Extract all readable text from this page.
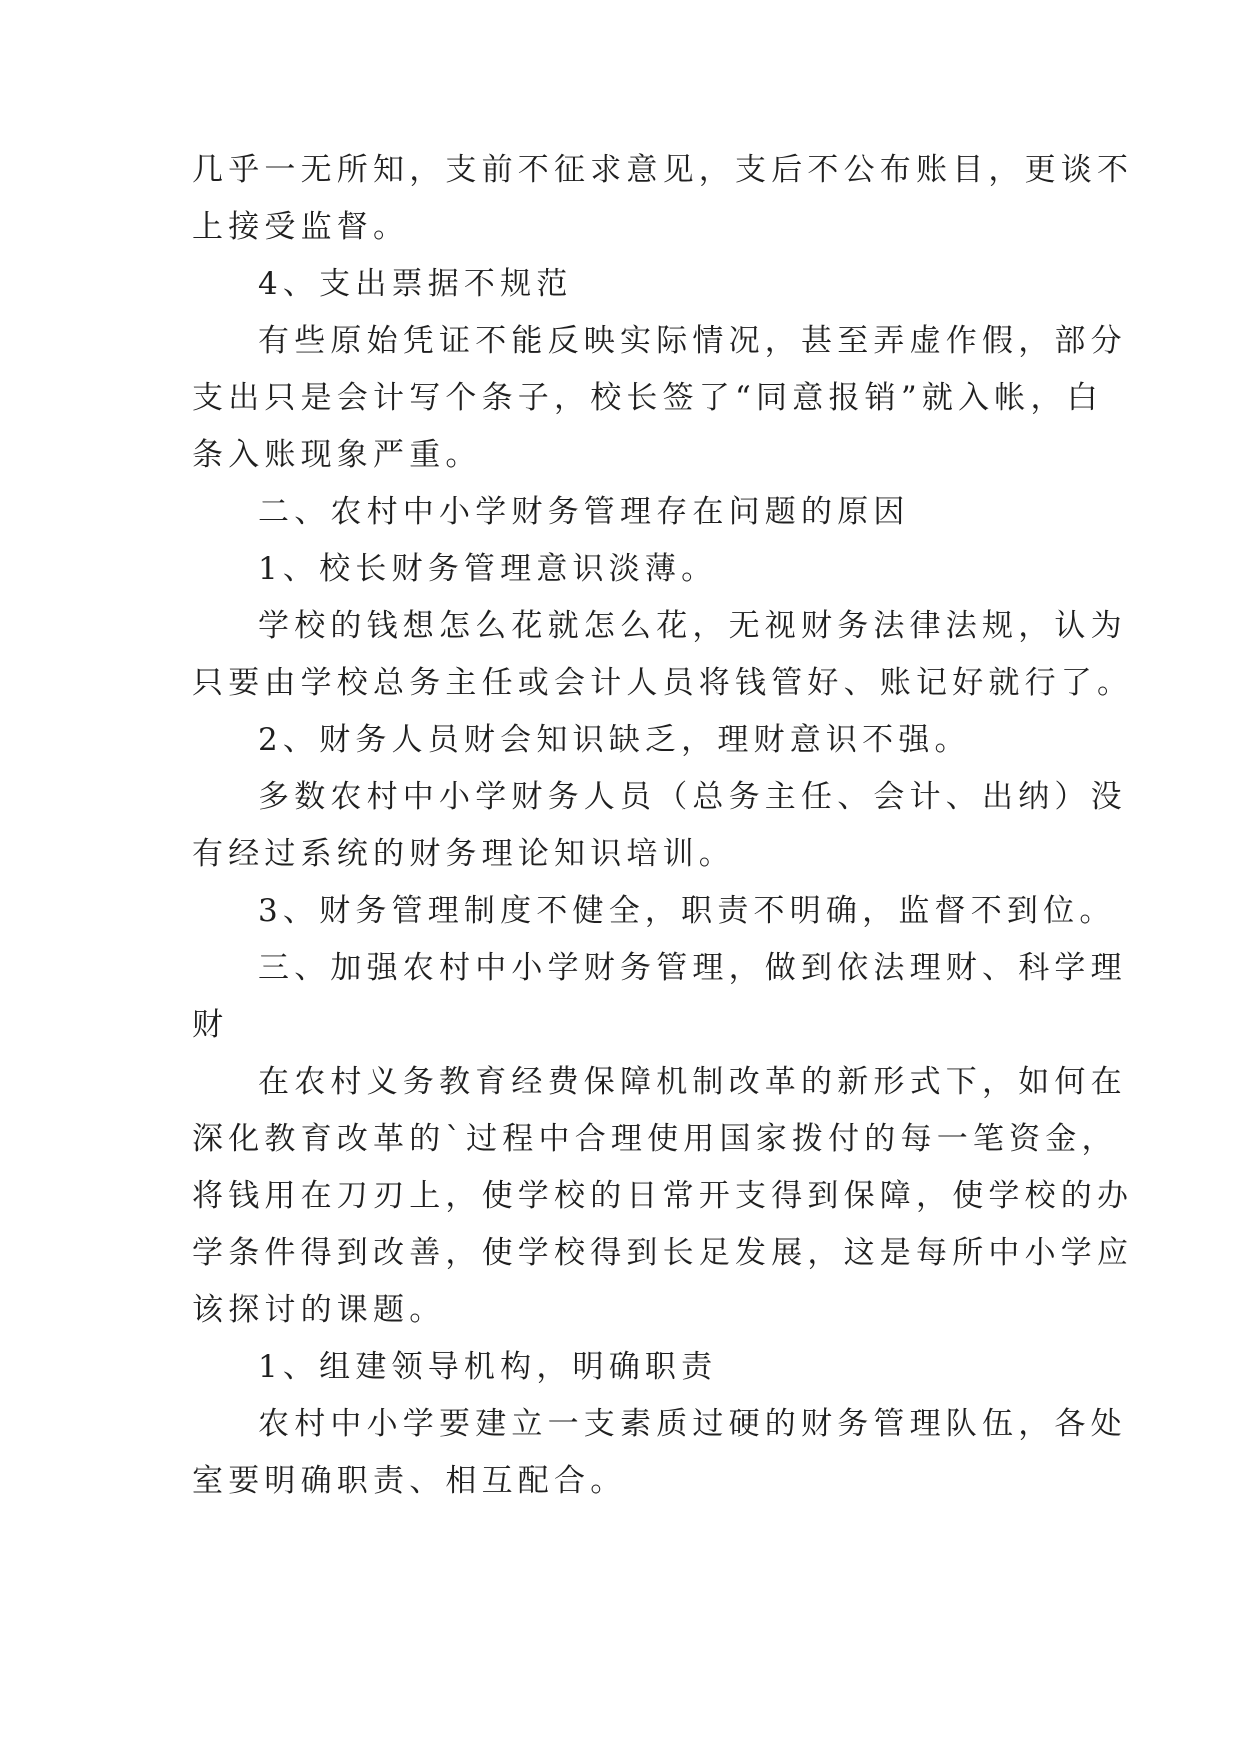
几乎一无所知，支前不征求意见，支后不公布账目，更谈不
上接受监督。
4、支出票据不规范
有些原始凭证不能反映实际情况，甚至弄虚作假，部分
支出只是会计写个条子，校长签了“同意报销”就入帐，白
条入账现象严重。
二、农村中小学财务管理存在问题的原因
1、校长财务管理意识淡薄。
学校的钱想怎么花就怎么花，无视财务法律法规，认为
只要由学校总务主任或会计人员将钱管好、账记好就行了。
2、财务人员财会知识缺乏，理财意识不强。
多数农村中小学财务人员（总务主任、会计、出纳）没
有经过系统的财务理论知识培训。
3、财务管理制度不健全，职责不明确，监督不到位。
三、加强农村中小学财务管理，做到依法理财、科学理
财
在农村义务教育经费保障机制改革的新形式下，如何在
深化教育改革的`过程中合理使用国家拨付的每一笔资金，
将钱用在刀刃上，使学校的日常开支得到保障，使学校的办
学条件得到改善，使学校得到长足发展，这是每所中小学应
该探讨的课题。
1、组建领导机构，明确职责
农村中小学要建立一支素质过硬的财务管理队伍，各处
室要明确职责、相互配合。
